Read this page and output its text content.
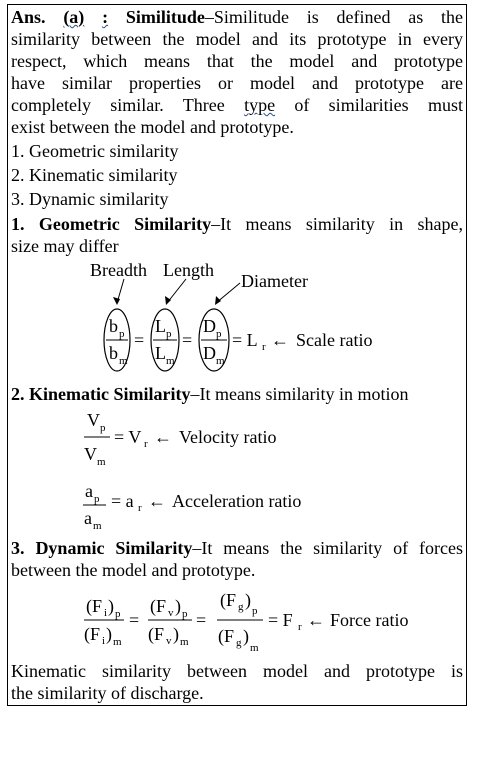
Ans. (a) : Similitude–Similitude is defined as the
similarity between the model and its prototype in every
respect, which means that the model and prototype
have similar properties or model and prototype are
completely similar. Three type of similarities must
exist between the model and prototype.
1. Geometric similarity
2. Kinematic similarity
3. Dynamic similarity
1. Geometric Similarity–It means similarity in shape,
size may differ
Breadth Length
Diameter
b p
b m
=
L p
L m
=
D p
D m
= L r ← Scale ratio
2. Kinematic Similarity–It means similarity in motion
V p
V m
= V r ← Velocity ratio
a p
a m
= a r ← Acceleration ratio
3. Dynamic Similarity–It means the similarity of forces
between the model and prototype.
(F i ) p
(F i ) m
=
(F v ) p
(F v ) m
=
(F g )
p
(F g )
m
= F r ← Force ratio
Kinematic similarity between model and prototype is
the similarity of discharge.
